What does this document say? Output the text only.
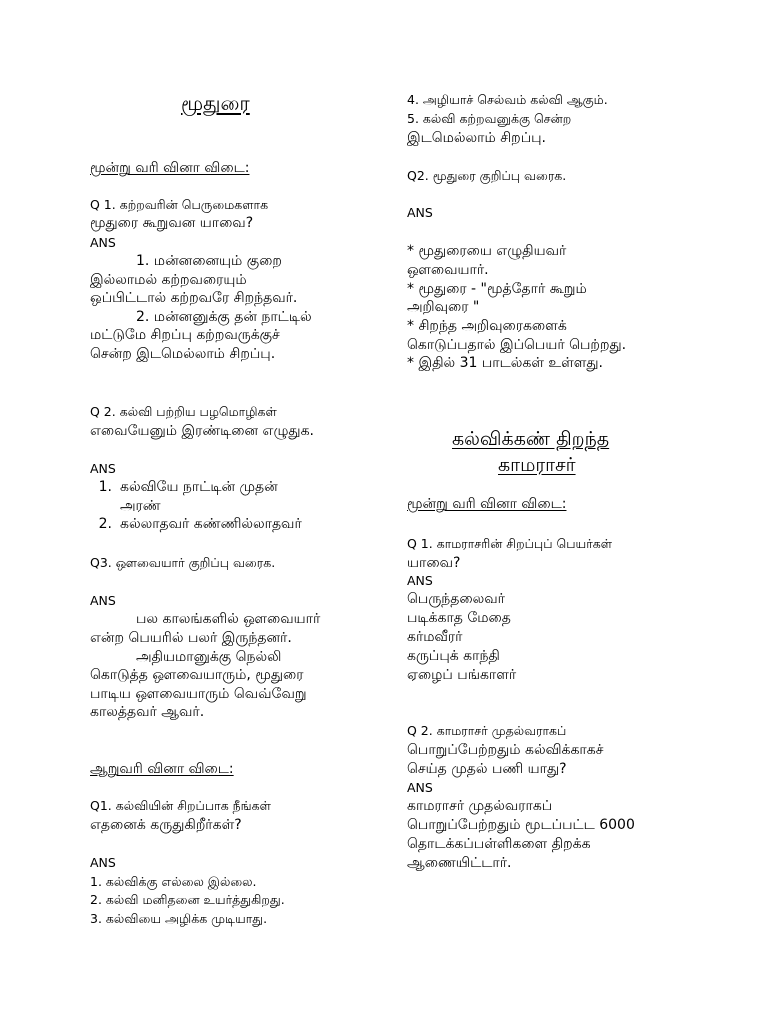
மூதுரை
மூன்று வரி வினா விடை:
Q 1. கற்றவரின் பெருமைகளாக
மூதுரை கூறுவன யாவை?
ANS
1. மன்னனையும் குறை
இல்லாமல் கற்றவரையும்
ஒப்பிட்டால் கற்றவரே சிறந்தவர்.
2. மன்னனுக்கு தன் நாட்டில்
மட்டுமே சிறப்பு கற்றவருக்குச்
சென்ற இடமெல்லாம் சிறப்பு.
Q 2. கல்வி பற்றிய பழமொழிகள்
எவையேனும் இரண்டினை எழுதுக.
ANS
1. கல்வியே நாட்டின் முதன்
அரண்
2. கல்லாதவர் கண்ணில்லாதவர்
Q3. ஔவையார் குறிப்பு வரைக.
ANS
பல காலங்களில் ஔவையார்
என்ற பெயரில் பலர் இருந்தனர்.
அதியமானுக்கு நெல்லி
கொடுத்த ஔவையாரும், மூதுரை
பாடிய ஔவையாரும் வெவ்வேறு
காலத்தவர் ஆவர்.
ஆறுவரி வினா விடை:
Q1. கல்வியின் சிறப்பாக நீங்கள்
எதனைக் கருதுகிறீர்கள்?
ANS
1. கல்விக்கு எல்லை இல்லை.
2. கல்வி மனிதனை உயர்த்துகிறது.
3. கல்வியை அழிக்க முடியாது.
4. அழியாச் செல்வம் கல்வி ஆகும்.
5. கல்வி கற்றவனுக்கு சென்ற
இடமெல்லாம் சிறப்பு.
Q2. மூதுரை குறிப்பு வரைக.
ANS
* மூதுரையை எழுதியவர்
ஔவையார்.
* மூதுரை - "மூத்தோர் கூறும்
அறிவுரை "
* சிறந்த அறிவுரைகளைக்
கொடுப்பதால் இப்பெயர் பெற்றது.
* இதில் 31 பாடல்கள் உள்ளது.
கல்விக்கண் திறந்த
காமராசர்
மூன்று வரி வினா விடை:
Q 1. காமராசரின் சிறப்புப் பெயர்கள்
யாவை?
ANS
பெருந்தலைவர்
படிக்காத மேதை
கர்மவீரர்
கருப்புக் காந்தி
ஏழைப் பங்காளர்
Q 2. காமராசர் முதல்வராகப்
பொறுப்பேற்றதும் கல்விக்காகச்
செய்த முதல் பணி யாது?
ANS
காமராசர் முதல்வராகப்
பொறுப்பேற்றதும் மூடப்பட்ட 6000
தொடக்கப்பள்ளிகளை திறக்க
ஆணையிட்டார்.
